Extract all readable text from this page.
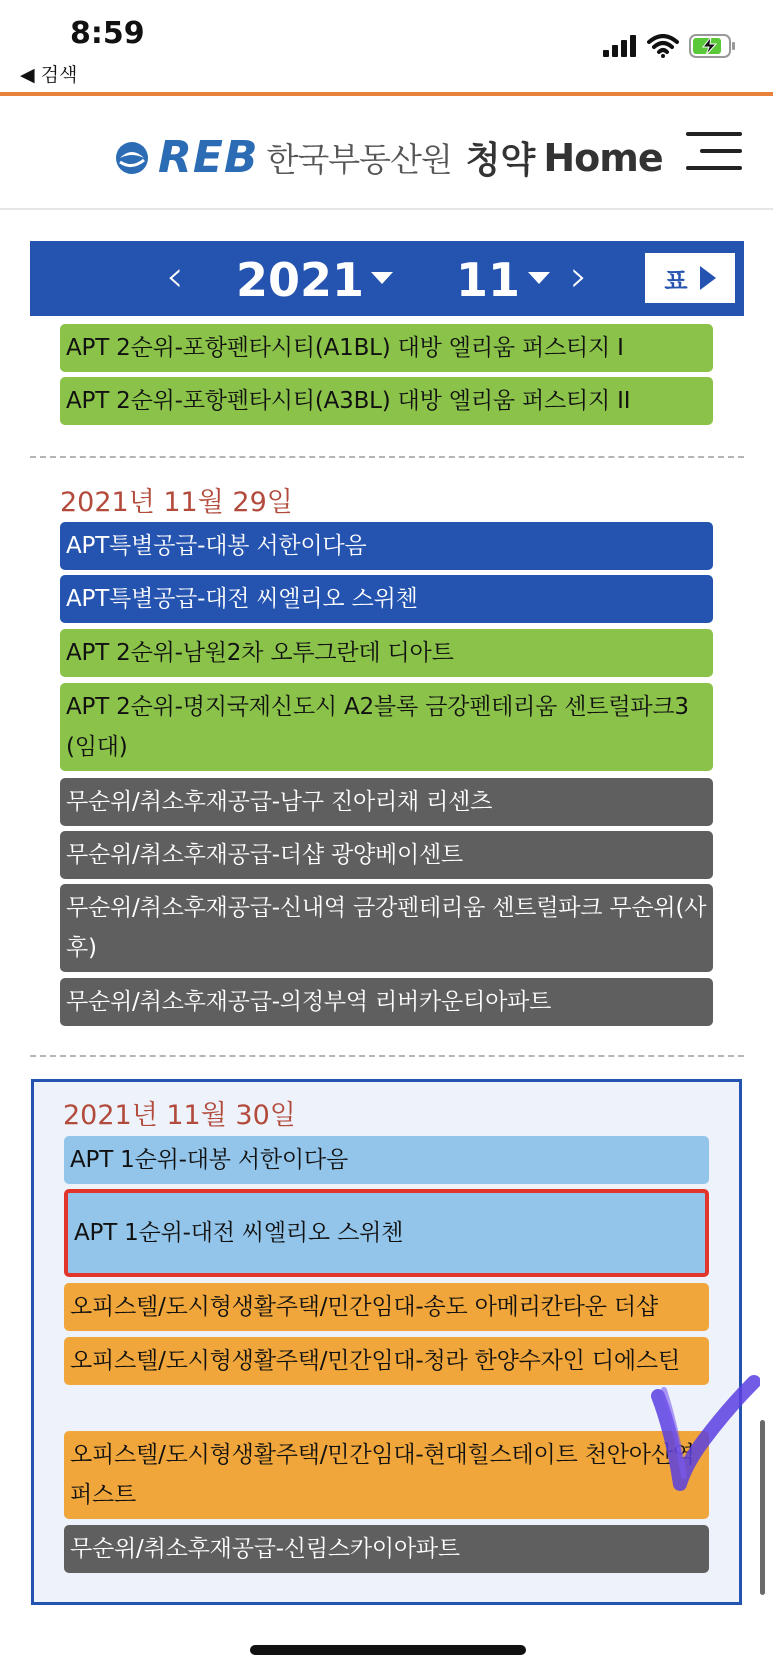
8:59
◀ 검색
REB 한국부동산원 청약 Home
‹ 2021 11 ›	표
APT 2순위-포항펜타시티(A1BL) 대방 엘리움 퍼스티지 I
APT 2순위-포항펜타시티(A3BL) 대방 엘리움 퍼스티지 II
2021년 11월 29일
APT특별공급-대봉 서한이다음
APT특별공급-대전 씨엘리오 스위첸
APT 2순위-남원2차 오투그란데 디아트
APT 2순위-명지국제신도시 A2블록 금강펜테리움 센트럴파크3 (임대)
무순위/취소후재공급-남구 진아리채 리센츠
무순위/취소후재공급-더샵 광양베이센트
무순위/취소후재공급-신내역 금강펜테리움 센트럴파크 무순위(사후)
무순위/취소후재공급-의정부역 리버카운티아파트
2021년 11월 30일
APT 1순위-대봉 서한이다음
APT 1순위-대전 씨엘리오 스위첸
오피스텔/도시형생활주택/민간임대-송도 아메리칸타운 더샵
오피스텔/도시형생활주택/민간임대-청라 한양수자인 디에스틴
오피스텔/도시형생활주택/민간임대-현대힐스테이트 천안아산역 퍼스트
무순위/취소후재공급-신림스카이아파트
